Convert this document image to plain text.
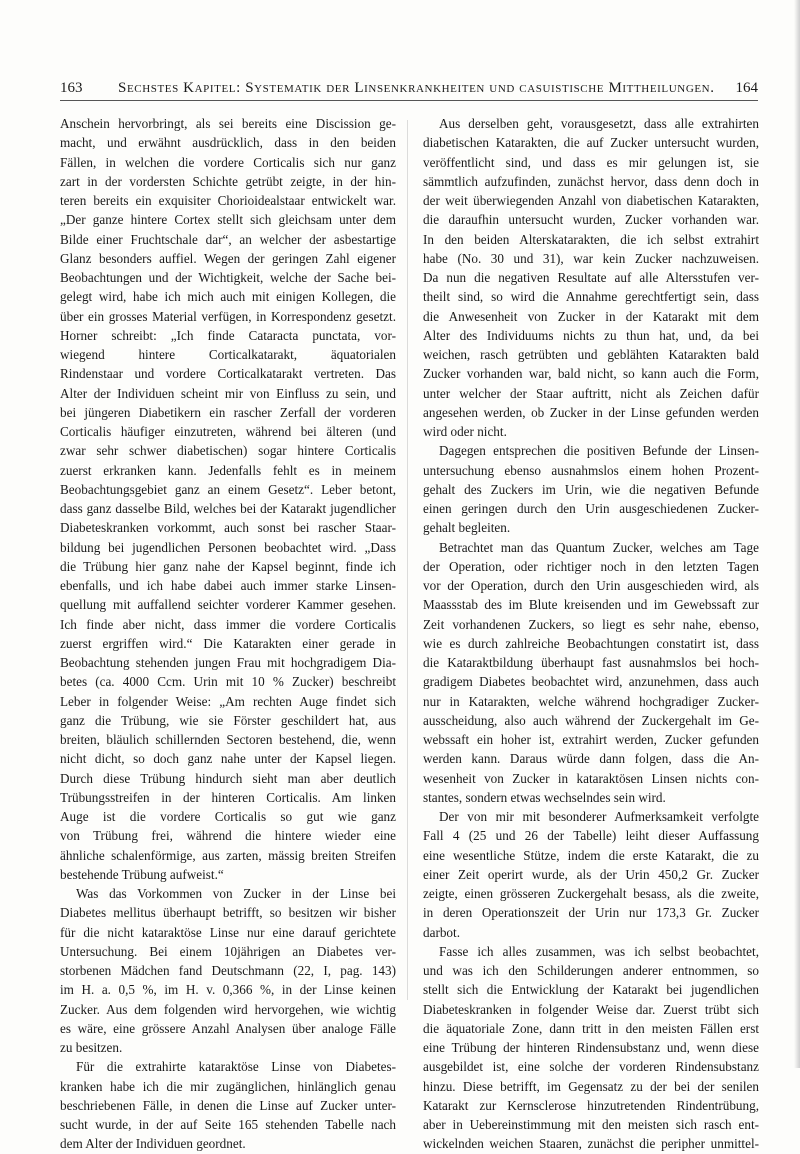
163 Sechstes Kapitel: Systematik der Linsenkrankheiten und casuistische Mittheilungen. 164
Anschein hervorbringt, als sei bereits eine Discission ge-
macht, und erwähnt ausdrücklich, dass in den beiden
Fällen, in welchen die vordere Corticalis sich nur ganz
zart in der vordersten Schichte getrübt zeigte, in der hin-
teren bereits ein exquisiter Chorioidealstaar entwickelt war.
„Der ganze hintere Cortex stellt sich gleichsam unter dem
Bilde einer Fruchtschale dar“, an welcher der asbestartige
Glanz besonders auffiel. Wegen der geringen Zahl eigener
Beobachtungen und der Wichtigkeit, welche der Sache bei-
gelegt wird, habe ich mich auch mit einigen Kollegen, die
über ein grosses Material verfügen, in Korrespondenz gesetzt.
Horner schreibt: „Ich finde Cataracta punctata, vor-
wiegend hintere Corticalkatarakt, äquatorialen
Rindenstaar und vordere Corticalkatarakt vertreten. Das
Alter der Individuen scheint mir von Einfluss zu sein, und
bei jüngeren Diabetikern ein rascher Zerfall der vorderen
Corticalis häufiger einzutreten, während bei älteren (und
zwar sehr schwer diabetischen) sogar hintere Corticalis
zuerst erkranken kann. Jedenfalls fehlt es in meinem
Beobachtungsgebiet ganz an einem Gesetz“. Leber betont,
dass ganz dasselbe Bild, welches bei der Katarakt jugendlicher
Diabeteskranken vorkommt, auch sonst bei rascher Staar-
bildung bei jugendlichen Personen beobachtet wird. „Dass
die Trübung hier ganz nahe der Kapsel beginnt, finde ich
ebenfalls, und ich habe dabei auch immer starke Linsen-
quellung mit auffallend seichter vorderer Kammer gesehen.
Ich finde aber nicht, dass immer die vordere Corticalis
zuerst ergriffen wird.“ Die Katarakten einer gerade in
Beobachtung stehenden jungen Frau mit hochgradigem Dia-
betes (ca. 4000 Ccm. Urin mit 10 % Zucker) beschreibt
Leber in folgender Weise: „Am rechten Auge findet sich
ganz die Trübung, wie sie Förster geschildert hat, aus
breiten, bläulich schillernden Sectoren bestehend, die, wenn
nicht dicht, so doch ganz nahe unter der Kapsel liegen.
Durch diese Trübung hindurch sieht man aber deutlich
Trübungsstreifen in der hinteren Corticalis. Am linken
Auge ist die vordere Corticalis so gut wie ganz
von Trübung frei, während die hintere wieder eine
ähnliche schalenförmige, aus zarten, mässig breiten Streifen
bestehende Trübung aufweist.“
Was das Vorkommen von Zucker in der Linse bei
Diabetes mellitus überhaupt betrifft, so besitzen wir bisher
für die nicht kataraktöse Linse nur eine darauf gerichtete
Untersuchung. Bei einem 10jährigen an Diabetes ver-
storbenen Mädchen fand Deutschmann (22, I, pag. 143)
im H. a. 0,5 %, im H. v. 0,366 %, in der Linse keinen
Zucker. Aus dem folgenden wird hervorgehen, wie wichtig
es wäre, eine grössere Anzahl Analysen über analoge Fälle
zu besitzen.
Für die extrahirte kataraktöse Linse von Diabetes-
kranken habe ich die mir zugänglichen, hinlänglich genau
beschriebenen Fälle, in denen die Linse auf Zucker unter-
sucht wurde, in der auf Seite 165 stehenden Tabelle nach
dem Alter der Individuen geordnet.
Aus derselben geht, vorausgesetzt, dass alle extrahirten
diabetischen Katarakten, die auf Zucker untersucht wurden,
veröffentlicht sind, und dass es mir gelungen ist, sie
sämmtlich aufzufinden, zunächst hervor, dass denn doch in
der weit überwiegenden Anzahl von diabetischen Katarakten,
die daraufhin untersucht wurden, Zucker vorhanden war.
In den beiden Alterskatarakten, die ich selbst extrahirt
habe (No. 30 und 31), war kein Zucker nachzuweisen.
Da nun die negativen Resultate auf alle Altersstufen ver-
theilt sind, so wird die Annahme gerechtfertigt sein, dass
die Anwesenheit von Zucker in der Katarakt mit dem
Alter des Individuums nichts zu thun hat, und, da bei
weichen, rasch getrübten und geblähten Katarakten bald
Zucker vorhanden war, bald nicht, so kann auch die Form,
unter welcher der Staar auftritt, nicht als Zeichen dafür
angesehen werden, ob Zucker in der Linse gefunden werden
wird oder nicht.
Dagegen entsprechen die positiven Befunde der Linsen-
untersuchung ebenso ausnahmslos einem hohen Prozent-
gehalt des Zuckers im Urin, wie die negativen Befunde
einen geringen durch den Urin ausgeschiedenen Zucker-
gehalt begleiten.
Betrachtet man das Quantum Zucker, welches am Tage
der Operation, oder richtiger noch in den letzten Tagen
vor der Operation, durch den Urin ausgeschieden wird, als
Maassstab des im Blute kreisenden und im Gewebssaft zur
Zeit vorhandenen Zuckers, so liegt es sehr nahe, ebenso,
wie es durch zahlreiche Beobachtungen constatirt ist, dass
die Kataraktbildung überhaupt fast ausnahmslos bei hoch-
gradigem Diabetes beobachtet wird, anzunehmen, dass auch
nur in Katarakten, welche während hochgradiger Zucker-
ausscheidung, also auch während der Zuckergehalt im Ge-
webssaft ein hoher ist, extrahirt werden, Zucker gefunden
werden kann. Daraus würde dann folgen, dass die An-
wesenheit von Zucker in kataraktösen Linsen nichts con-
stantes, sondern etwas wechselndes sein wird.
Der von mir mit besonderer Aufmerksamkeit verfolgte
Fall 4 (25 und 26 der Tabelle) leiht dieser Auffassung
eine wesentliche Stütze, indem die erste Katarakt, die zu
einer Zeit operirt wurde, als der Urin 450,2 Gr. Zucker
zeigte, einen grösseren Zuckergehalt besass, als die zweite,
in deren Operationszeit der Urin nur 173,3 Gr. Zucker
darbot.
Fasse ich alles zusammen, was ich selbst beobachtet,
und was ich den Schilderungen anderer entnommen, so
stellt sich die Entwicklung der Katarakt bei jugendlichen
Diabeteskranken in folgender Weise dar. Zuerst trübt sich
die äquatoriale Zone, dann tritt in den meisten Fällen erst
eine Trübung der hinteren Rindensubstanz und, wenn diese
ausgebildet ist, eine solche der vorderen Rindensubstanz
hinzu. Diese betrifft, im Gegensatz zu der bei der senilen
Katarakt zur Kernsclerose hinzutretenden Rindentrübung,
aber in Uebereinstimmung mit den meisten sich rasch ent-
wickelnden weichen Staaren, zunächst die peripher unmittel-
